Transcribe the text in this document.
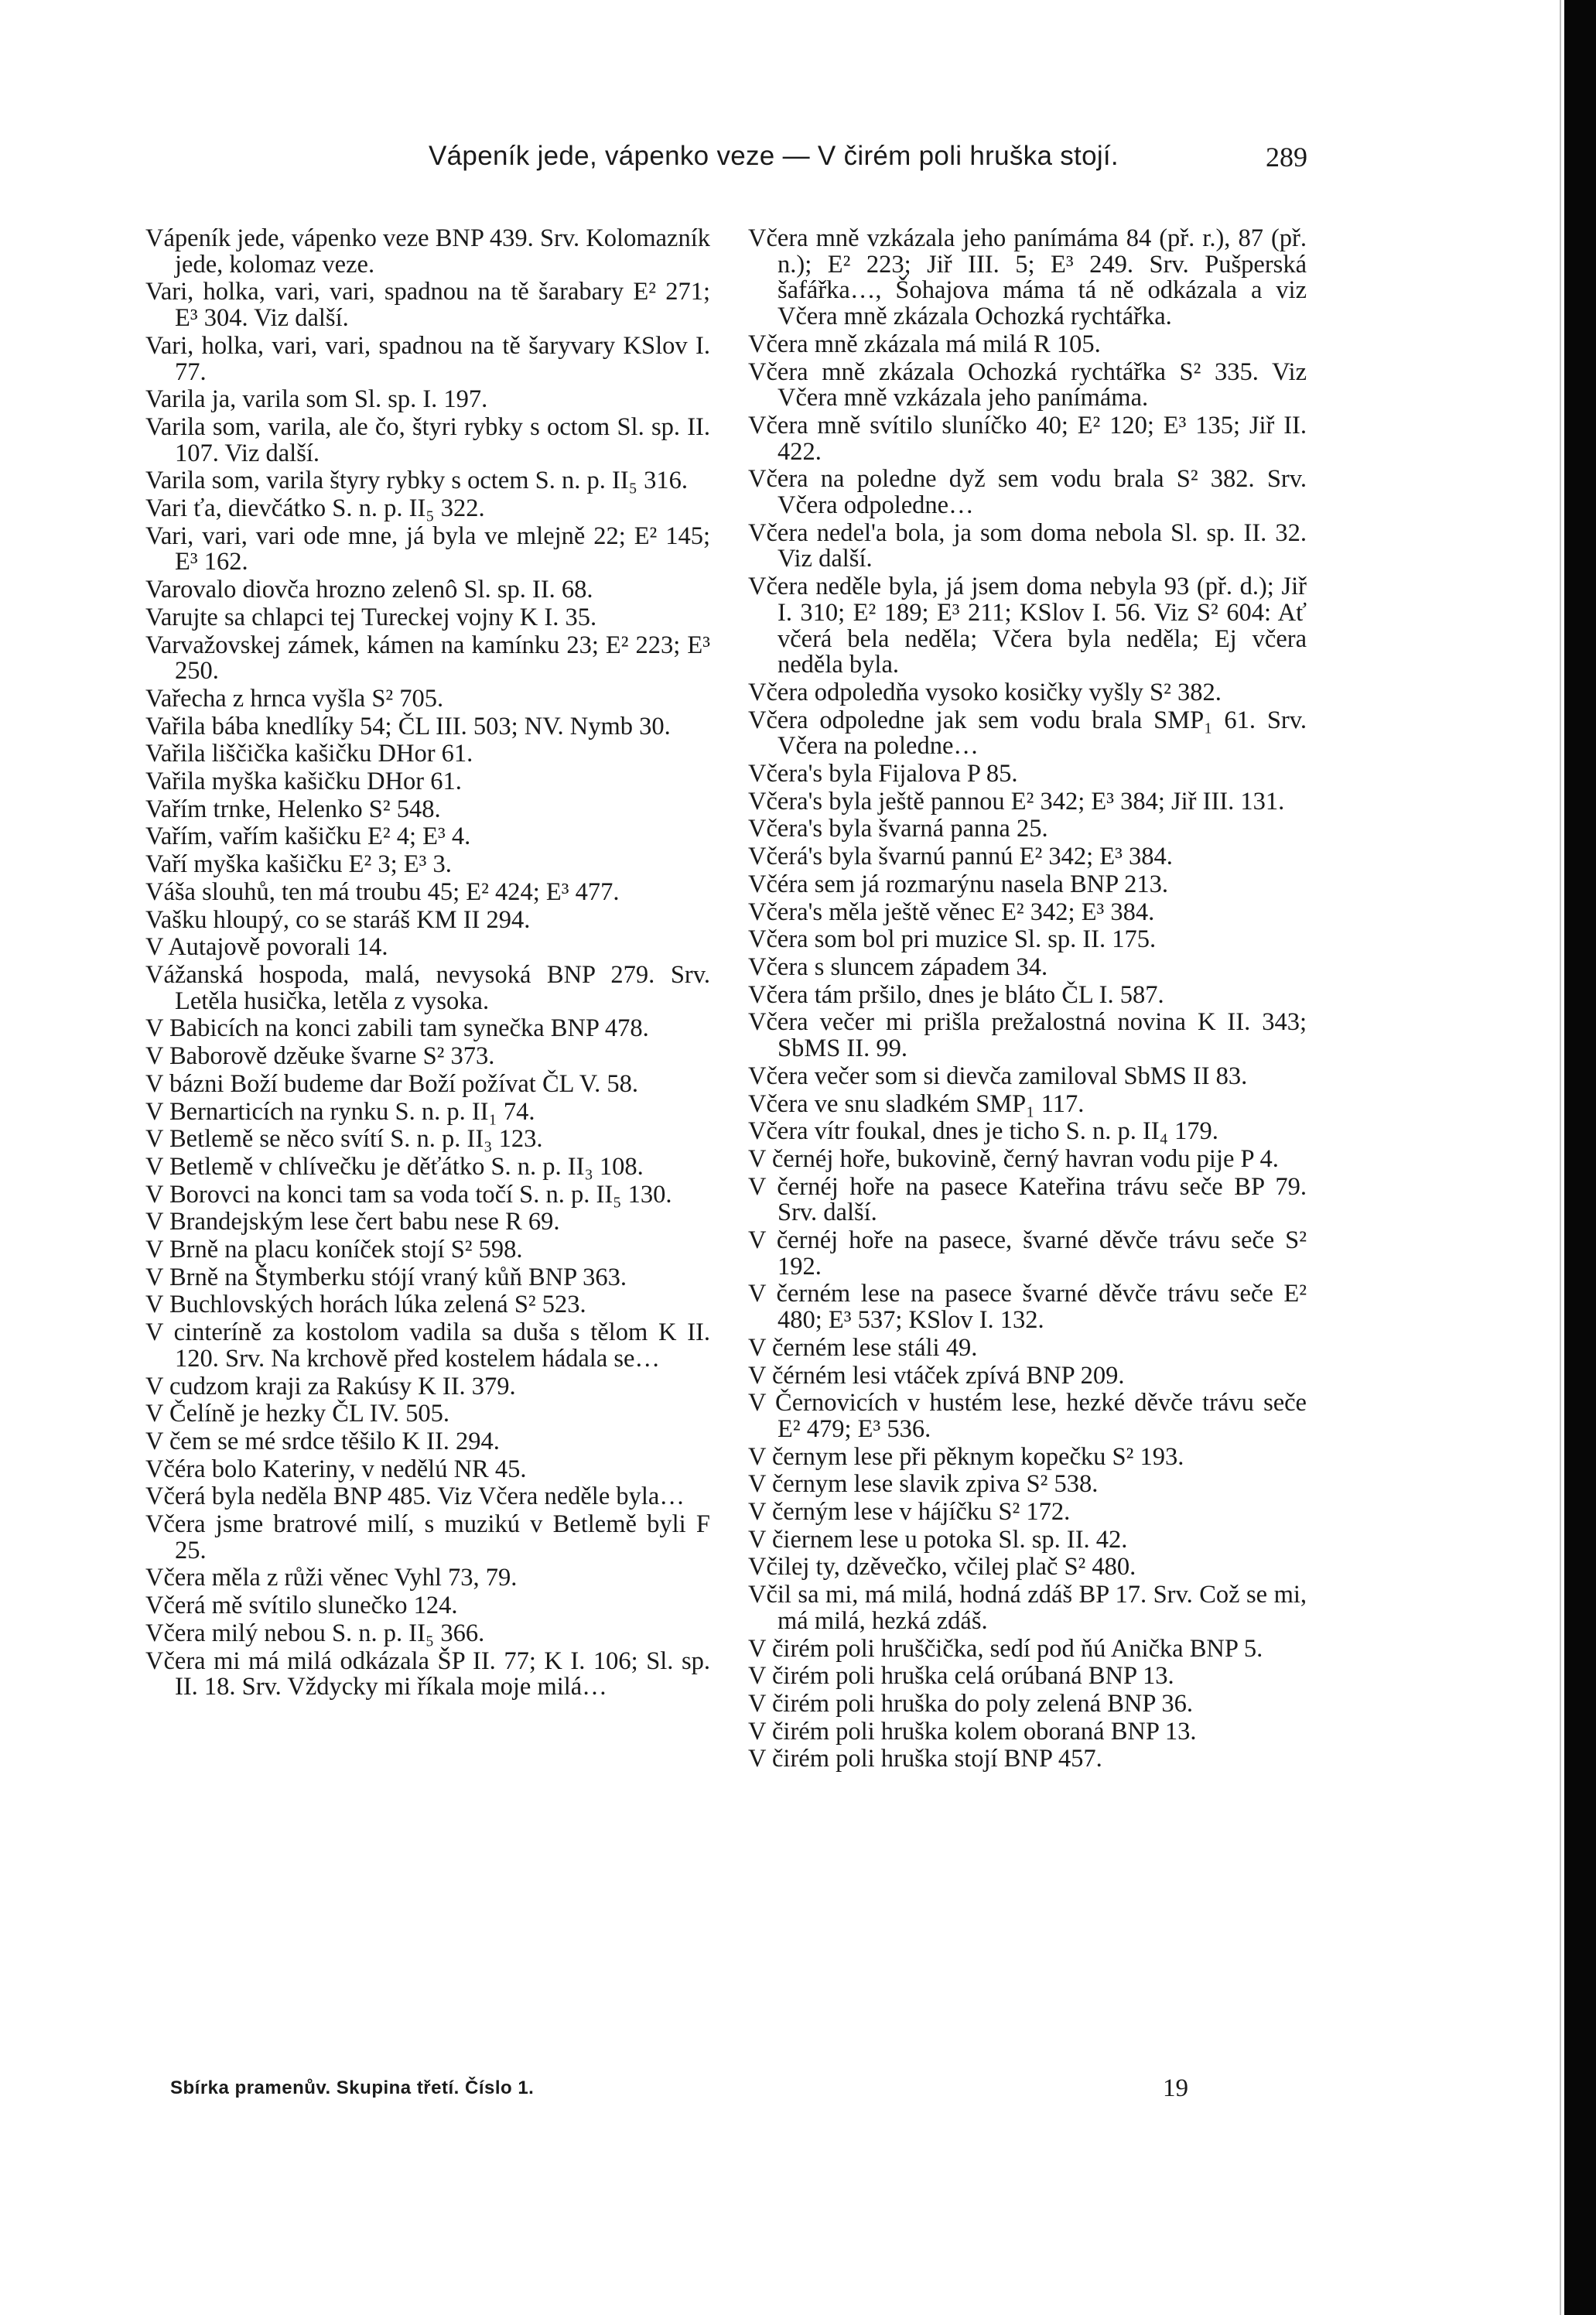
Vápeník jede, vápenko veze — V čirém poli hruška stojí.	289

Vápeník jede, vápenko veze BNP 439. Srv. Kolomazník jede, kolomaz veze.

Vari, holka, vari, vari, spadnou na tě šarabary E² 271; E³ 304. Viz další.

Vari, holka, vari, vari, spadnou na tě šaryvary KSlov I. 77.

Varila ja, varila som Sl. sp. I. 197.

Varila som, varila, ale čo, štyri rybky s octom Sl. sp. II. 107. Viz další.

Varila som, varila štyry rybky s octem S. n. p. II₅ 316.

Vari ťa, dievčátko S. n. p. II₅ 322.

Vari, vari, vari ode mne, já byla ve mlejně 22; E² 145; E³ 162.

Varovalo diovča hrozno zelenô Sl. sp. II. 68.

Varujte sa chlapci tej Tureckej vojny K I. 35.

Varvažovskej zámek, kámen na kamínku 23; E² 223; E³ 250.

Vařecha z hrnca vyšla S² 705.

Vařila bába knedlíky 54; ČL III. 503; NV. Nymb 30.

Vařila liščička kašičku DHor 61.

Vařila myška kašičku DHor 61.

Vařím trnke, Helenko S² 548.

Vařím, vařím kašičku E² 4; E³ 4.

Vaří myška kašičku E² 3; E³ 3.

Váša slouhů, ten má troubu 45; E² 424; E³ 477.

Vašku hloupý, co se staráš KM II 294.

V Autajově povorali 14.

Vážanská hospoda, malá, nevysoká BNP 279. Srv. Letěla husička, letěla z vysoka.

V Babicích na konci zabili tam synečka BNP 478.

V Baborově dzěuke švarne S² 373.

V bázni Boží budeme dar Boží požívat ČL V. 58.

V Bernarticích na rynku S. n. p. II₁ 74.

V Betlemě se něco svítí S. n. p. II₃ 123.

V Betlemě v chlívečku je děťátko S. n. p. II₃ 108.

V Borovci na konci tam sa voda točí S. n. p. II₅ 130.

V Brandejským lese čert babu nese R 69.

V Brně na placu koníček stojí S² 598.

V Brně na Štymberku stójí vraný kůň BNP 363.

V Buchlovských horách lúka zelená S² 523.

V cinteríně za kostolom vadila sa duša s tělom K II. 120. Srv. Na krchově před kostelem hádala se…

V cudzom kraji za Rakúsy K II. 379.

V Čelíně je hezky ČL IV. 505.

V čem se mé srdce těšilo K II. 294.

Včéra bolo Kateriny, v nedělú NR 45.

Včerá byla neděla BNP 485. Viz Včera neděle byla…

Včera jsme bratrové milí, s muzikú v Betlemě byli F 25.

Včera měla z růži věnec Vyhl 73, 79.

Včerá mě svítilo slunečko 124.

Včera milý nebou S. n. p. II₅ 366.

Včera mi má milá odkázala ŠP II. 77; K I. 106; Sl. sp. II. 18. Srv. Vždycky mi říkala moje milá…

Včera mně vzkázala jeho panímáma 84 (př. r.), 87 (př. n.); E² 223; Jiř III. 5; E³ 249. Srv. Pušperská šafářka…, Šohajova máma tá ně odkázala a viz Včera mně zkázala Ochozká rychtářka.

Včera mně zkázala má milá R 105.

Včera mně zkázala Ochozká rychtářka S² 335. Viz Včera mně vzkázala jeho panímáma.

Včera mně svítilo sluníčko 40; E² 120; E³ 135; Jiř II. 422.

Včera na poledne dyž sem vodu brala S² 382. Srv. Včera odpoledne…

Včera nedel'a bola, ja som doma nebola Sl. sp. II. 32. Viz další.

Včera neděle byla, já jsem doma nebyla 93 (př. d.); Jiř I. 310; E² 189; E³ 211; KSlov I. 56. Viz S² 604: Ať včerá bela neděla; Včera byla neděla; Ej včera neděla byla.

Včera odpoledňa vysoko kosičky vyšly S² 382.

Včera odpoledne jak sem vodu brala SMP₁ 61. Srv. Včera na poledne…

Včera's byla Fijalova P 85.

Včera's byla ještě pannou E² 342; E³ 384; Jiř III. 131.

Včera's byla švarná panna 25.

Včerá's byla švarnú pannú E² 342; E³ 384.

Včéra sem já rozmarýnu nasela BNP 213.

Včera's měla ještě věnec E² 342; E³ 384.

Včera som bol pri muzice Sl. sp. II. 175.

Včera s sluncem západem 34.

Včera tám pršilo, dnes je bláto ČL I. 587.

Včera večer mi prišla prežalostná novina K II. 343; SbMS II. 99.

Včera večer som si dievča zamiloval SbMS II 83.

Včera ve snu sladkém SMP₁ 117.

Včera vítr foukal, dnes je ticho S. n. p. II₄ 179.

V černéj hoře, bukovině, černý havran vodu pije P 4.

V černéj hoře na pasece Kateřina trávu seče BP 79. Srv. další.

V černéj hoře na pasece, švarné děvče trávu seče S² 192.

V černém lese na pasece švarné děvče trávu seče E² 480; E³ 537; KSlov I. 132.

V černém lese stáli 49.

V čérném lesi vtáček zpívá BNP 209.

V Černovicích v hustém lese, hezké děvče trávu seče E² 479; E³ 536.

V černym lese při pěknym kopečku S² 193.

V černym lese slavik zpiva S² 538.

V černým lese v hájíčku S² 172.

V čiernem lese u potoka Sl. sp. II. 42.

Včilej ty, dzěvečko, včilej plač S² 480.

Včil sa mi, má milá, hodná zdáš BP 17. Srv. Což se mi, má milá, hezká zdáš.

V čirém poli hruščička, sedí pod ňú Anička BNP 5.

V čirém poli hruška celá orúbaná BNP 13.

V čirém poli hruška do poly zelená BNP 36.

V čirém poli hruška kolem oboraná BNP 13.

V čirém poli hruška stojí BNP 457.

Sbírka pramenův. Skupina třetí. Číslo 1.	19
